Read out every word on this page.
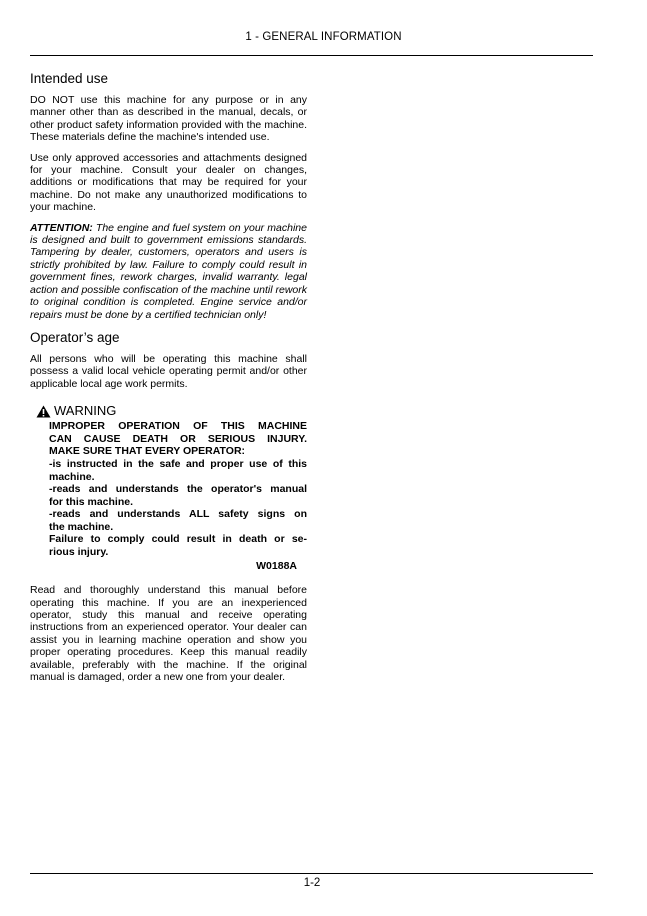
1 - GENERAL INFORMATION
Intended use

DO NOT use this machine for any purpose or in any manner other than as described in the manual, decals, or other product safety information provided with the machine. These materials define the machine's intended use.

Use only approved accessories and attachments designed for your machine. Consult your dealer on changes, additions or modifications that may be required for your machine. Do not make any unauthorized modifications to your machine.

ATTENTION: The engine and fuel system on your machine is designed and built to government emissions standards. Tampering by dealer, customers, operators and users is strictly prohibited by law. Failure to comply could result in government fines, rework charges, invalid warranty. legal action and possible confiscation of the machine until rework to original condition is completed. Engine service and/or repairs must be done by a certified technician only!

Operator’s age

All persons who will be operating this machine shall possess a valid local vehicle operating permit and/or other applicable local age work permits.

WARNING
IMPROPER OPERATION OF THIS MACHINE
CAN CAUSE DEATH OR SERIOUS INJURY.
MAKE SURE THAT EVERY OPERATOR:
-is instructed in the safe and proper use of this
machine.
-reads and understands the operator's manual
for this machine.
-reads and understands ALL safety signs on
the machine.
Failure to comply could result in death or se-
rious injury.
W0188A

Read and thoroughly understand this manual before operating this machine. If you are an inexperienced operator, study this manual and receive operating instructions from an experienced operator. Your dealer can assist you in learning machine operation and show you proper operating procedures. Keep this manual readily available, preferably with the machine. If the original manual is damaged, order a new one from your dealer.

1-2
